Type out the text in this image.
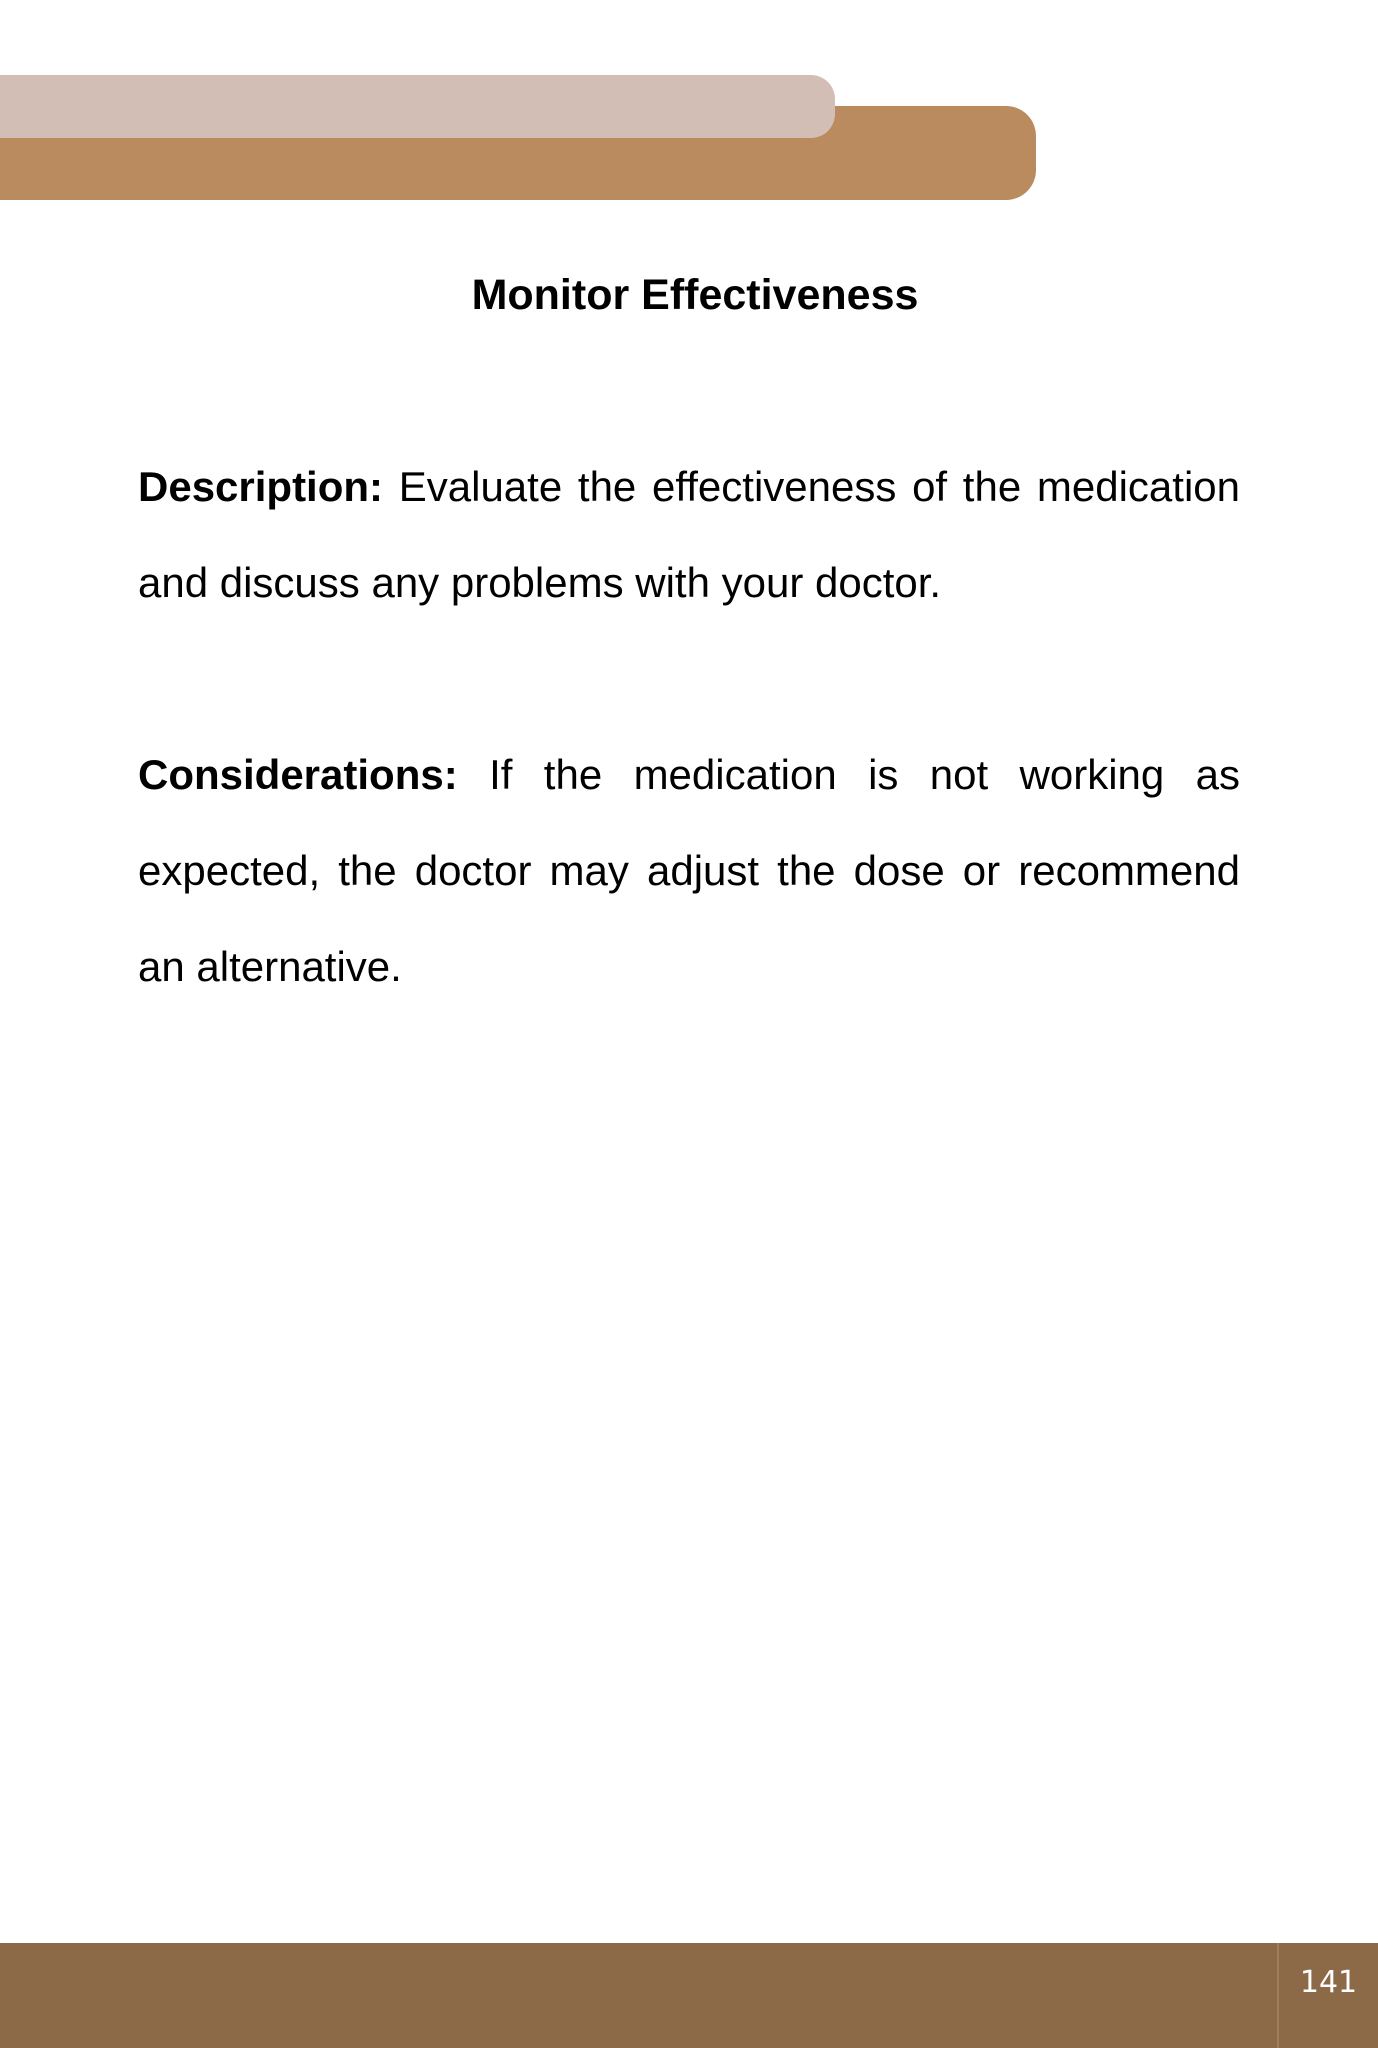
Monitor Effectiveness

Description: Evaluate the effectiveness of the medication and discuss any problems with your doctor.

Considerations: If the medication is not working as expected, the doctor may adjust the dose or recommend an alternative.

141
